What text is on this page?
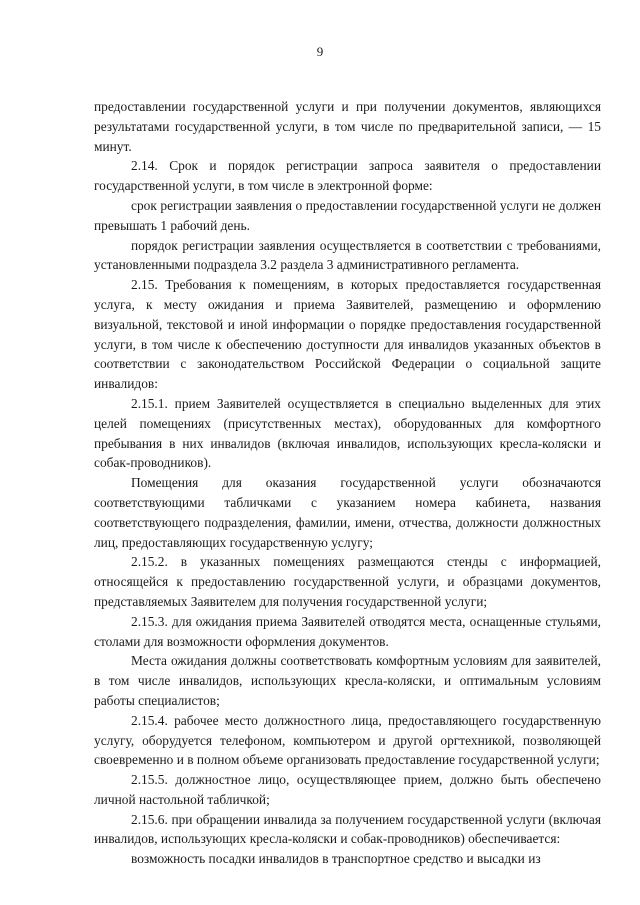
9

предоставлении государственной услуги и при получении документов, являющихся результатами государственной услуги, в том числе по предварительной записи, — 15 минут.

2.14. Срок и порядок регистрации запроса заявителя о предоставлении государственной услуги, в том числе в электронной форме:

срок регистрации заявления о предоставлении государственной услуги не должен превышать 1 рабочий день.

порядок регистрации заявления осуществляется в соответствии с требованиями, установленными подраздела 3.2 раздела 3 административного регламента.

2.15. Требования к помещениям, в которых предоставляется государственная услуга, к месту ожидания и приема Заявителей, размещению и оформлению визуальной, текстовой и иной информации о порядке предоставления государственной услуги, в том числе к обеспечению доступности для инвалидов указанных объектов в соответствии с законодательством Российской Федерации о социальной защите инвалидов:

2.15.1. прием Заявителей осуществляется в специально выделенных для этих целей помещениях (присутственных местах), оборудованных для комфортного пребывания в них инвалидов (включая инвалидов, использующих кресла-коляски и собак-проводников).

Помещения для оказания государственной услуги обозначаются соответствующими табличками с указанием номера кабинета, названия соответствующего подразделения, фамилии, имени, отчества, должности должностных лиц, предоставляющих государственную услугу;

2.15.2. в указанных помещениях размещаются стенды с информацией, относящейся к предоставлению государственной услуги, и образцами документов, представляемых Заявителем для получения государственной услуги;

2.15.3. для ожидания приема Заявителей отводятся места, оснащенные стульями, столами для возможности оформления документов.

Места ожидания должны соответствовать комфортным условиям для заявителей, в том числе инвалидов, использующих кресла-коляски, и оптимальным условиям работы специалистов;

2.15.4. рабочее место должностного лица, предоставляющего государственную услугу, оборудуется телефоном, компьютером и другой оргтехникой, позволяющей своевременно и в полном объеме организовать предоставление государственной услуги;

2.15.5. должностное лицо, осуществляющее прием, должно быть обеспечено личной настольной табличкой;

2.15.6. при обращении инвалида за получением государственной услуги (включая инвалидов, использующих кресла-коляски и собак-проводников) обеспечивается:

возможность посадки инвалидов в транспортное средство и высадки из
